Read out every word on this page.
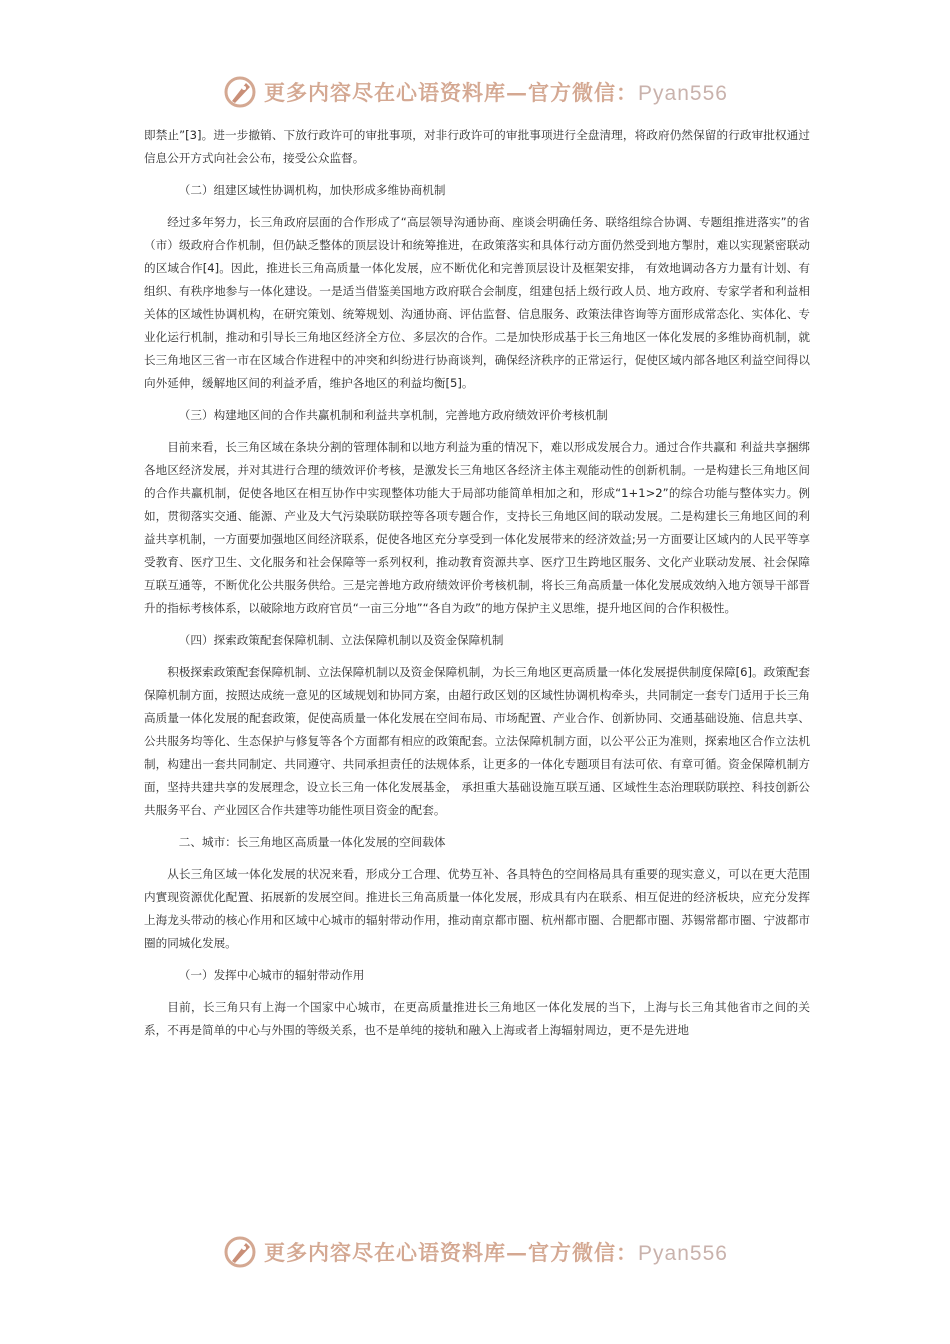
更多内容尽在心语资料库—官方微信：Pyan556

即禁止”[3]。进一步撤销、下放行政许可的审批事项，对非行政许可的审批事项进行全盘清理，将政府仍然保留的行政审批权通过信息公开方式向社会公布，接受公众监督。

（二）组建区域性协调机构，加快形成多维协商机制

经过多年努力，长三角政府层面的合作形成了“高层领导沟通协商、座谈会明确任务、联络组综合协调、专题组推进落实”的省（市）级政府合作机制，但仍缺乏整体的顶层设计和统筹推进，在政策落实和具体行动方面仍然受到地方掣肘，难以实现紧密联动的区域合作[4]。因此，推进长三角高质量一体化发展，应不断优化和完善顶层设计及框架安排， 有效地调动各方力量有计划、有组织、有秩序地参与一体化建设。一是适当借鉴美国地方政府联合会制度，组建包括上级行政人员、地方政府、专家学者和利益相关体的区域性协调机构，在研究策划、统筹规划、沟通协商、评估监督、信息服务、政策法律咨询等方面形成常态化、实体化、专业化运行机制，推动和引导长三角地区经济全方位、多层次的合作。二是加快形成基于长三角地区一体化发展的多维协商机制，就长三角地区三省一市在区域合作进程中的冲突和纠纷进行协商谈判，确保经济秩序的正常运行，促使区域内部各地区利益空间得以向外延伸，缓解地区间的利益矛盾，维护各地区的利益均衡[5]。

（三）构建地区间的合作共赢机制和利益共享机制，完善地方政府绩效评价考核机制

目前来看，长三角区域在条块分割的管理体制和以地方利益为重的情况下，难以形成发展合力。通过合作共赢和 利益共享捆绑各地区经济发展，并对其进行合理的绩效评价考核，是激发长三角地区各经济主体主观能动性的创新机制。一是构建长三角地区间的合作共赢机制，促使各地区在相互协作中实现整体功能大于局部功能简单相加之和，形成“1+1>2”的综合功能与整体实力。例如，贯彻落实交通、能源、产业及大气污染联防联控等各项专题合作，支持长三角地区间的联动发展。二是构建长三角地区间的利益共享机制，一方面要加强地区间经济联系，促使各地区充分享受到一体化发展带来的经济效益;另一方面要让区域内的人民平等享受教育、医疗卫生、文化服务和社会保障等一系列权利，推动教育资源共享、医疗卫生跨地区服务、文化产业联动发展、社会保障互联互通等，不断优化公共服务供给。三是完善地方政府绩效评价考核机制，将长三角高质量一体化发展成效纳入地方领导干部晋升的指标考核体系，以破除地方政府官员“一亩三分地”“各自为政”的地方保护主义思维，提升地区间的合作积极性。

（四）探索政策配套保障机制、立法保障机制以及资金保障机制

积极探索政策配套保障机制、立法保障机制以及资金保障机制，为长三角地区更高质量一体化发展提供制度保障[6]。政策配套保障机制方面，按照达成统一意见的区域规划和协同方案，由超行政区划的区域性协调机构牵头，共同制定一套专门适用于长三角高质量一体化发展的配套政策，促使高质量一体化发展在空间布局、市场配置、产业合作、创新协同、交通基础设施、信息共享、公共服务均等化、生态保护与修复等各个方面都有相应的政策配套。立法保障机制方面，以公平公正为准则，探索地区合作立法机制，构建出一套共同制定、共同遵守、共同承担责任的法规体系，让更多的一体化专题项目有法可依、有章可循。资金保障机制方面，坚持共建共享的发展理念，设立长三角一体化发展基金， 承担重大基础设施互联互通、区域性生态治理联防联控、科技创新公共服务平台、产业园区合作共建等功能性项目资金的配套。

二、城市：长三角地区高质量一体化发展的空间载体

从长三角区域一体化发展的状况来看，形成分工合理、优势互补、各具特色的空间格局具有重要的现实意义，可以在更大范围内實现资源优化配置、拓展新的发展空间。推进长三角高质量一体化发展，形成具有内在联系、相互促进的经济板块，应充分发挥上海龙头带动的核心作用和区域中心城市的辐射带动作用，推动南京都市圈、杭州都市圈、合肥都市圈、苏锡常都市圈、宁波都市圈的同城化发展。

（一）发挥中心城市的辐射带动作用

目前，长三角只有上海一个国家中心城市，在更高质量推进长三角地区一体化发展的当下，上海与长三角其他省市之间的关系，不再是简单的中心与外围的等级关系，也不是单纯的接轨和融入上海或者上海辐射周边，更不是先进地

更多内容尽在心语资料库—官方微信：Pyan556
